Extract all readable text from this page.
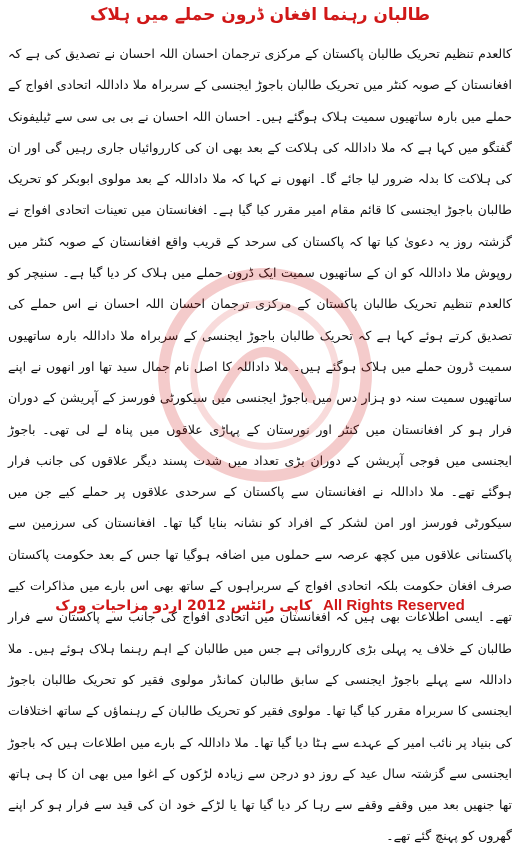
طالبان رہنما افغان ڈرون حملے میں ہلاک
کالعدم تنظیم تحریک طالبان پاکستان کے مرکزی ترجمان احسان اللہ احسان نے تصدیق کی ہے کہ افغانستان کے صوبہ کنٹر میں تحریک طالبان باجوڑ ایجنسی کے سربراہ ملا داداللہ اتحادی افواج کے حملے میں بارہ ساتھیوں سمیت ہلاک ہوگئے ہیں۔ احسان اللہ احسان نے بی بی سی سے ٹیلیفونک گفتگو میں کہا ہے کہ ملا داداللہ کی ہلاکت کے بعد بھی ان کی کارروائیاں جاری رہیں گی اور ان کی ہلاکت کا بدلہ ضرور لیا جائے گا۔ انھوں نے کہا کہ ملا داداللہ کے بعد مولوی ابوبکر کو تحریک طالبان باجوڑ ایجنسی کا قائم مقام امیر مقرر کیا گیا ہے۔ افغانستان میں تعینات اتحادی افواج نے گزشتہ روز یہ دعویٰ کیا تھا کہ پاکستان کی سرحد کے قریب واقع افغانستان کے صوبہ کنٹر میں روپوش ملا داداللہ کو ان کے ساتھیوں سمیت ایک ڈرون حملے میں ہلاک کر دیا گیا ہے۔ سنیچر کو کالعدم تنظیم تحریک طالبان پاکستان کے مرکزی ترجمان احسان اللہ احسان نے اس حملے کی تصدیق کرتے ہوئے کہا ہے کہ تحریک طالبان باجوڑ ایجنسی کے سربراہ ملا داداللہ بارہ ساتھیوں سمیت ڈرون حملے میں ہلاک ہوگئے ہیں۔ ملا داداللہ کا اصل نام جمال سید تھا اور انھوں نے اپنے ساتھیوں سمیت سنہ دو ہزار دس میں باجوڑ ایجنسی میں سیکورٹی فورسز کے آپریشن کے دوران فرار ہو کر افغانستان میں کنٹر اور نورستان کے پہاڑی علاقوں میں پناہ لے لی تھی۔ باجوڑ ایجنسی میں فوجی آپریشن کے دوران بڑی تعداد میں شدت پسند دیگر علاقوں کی جانب فرار ہوگئے تھے۔ ملا داداللہ نے افغانستان سے پاکستان کے سرحدی علاقوں پر حملے کیے جن میں سیکورٹی فورسز اور امن لشکر کے افراد کو نشانہ بنایا گیا تھا۔ افغانستان کی سرزمین سے پاکستانی علاقوں میں کچھ عرصہ سے حملوں میں اضافہ ہوگیا تھا جس کے بعد حکومت پاکستان صرف افغان حکومت بلکہ اتحادی افواج کے سربراہوں کے ساتھ بھی اس بارے میں مذاکرات کیے تھے۔ ایسی اطلاعات بھی ہیں کہ افغانستان میں اتحادی افواج کی جانب سے پاکستان سے فرار طالبان کے خلاف یہ پہلی بڑی کارروائی ہے جس میں طالبان کے اہم رہنما ہلاک ہوئے ہیں۔ ملا داداللہ سے پہلے باجوڑ ایجنسی کے سابق طالبان کمانڈر مولوی فقیر کو تحریک طالبان باجوڑ ایجنسی کا سربراہ مقرر کیا گیا تھا۔ مولوی فقیر کو تحریک طالبان کے رہنماؤں کے ساتھ اختلافات کی بنیاد پر نائب امیر کے عہدے سے ہٹا دیا گیا تھا۔ ملا داداللہ کے بارے میں اطلاعات ہیں کہ باجوڑ ایجنسی سے گزشتہ سال عید کے روز دو درجن سے زیادہ لڑکوں کے اغوا میں بھی ان کا ہی ہاتھ تھا جنھیں بعد میں وقفے وقفے سے رہا کر دیا گیا تھا یا لڑکے خود ان کی قید سے فرار ہو کر اپنے گھروں کو پہنچ گئے تھے۔
کاپی رائٹس 2012 اردو مزاحیات ورک All Rights Reserved
